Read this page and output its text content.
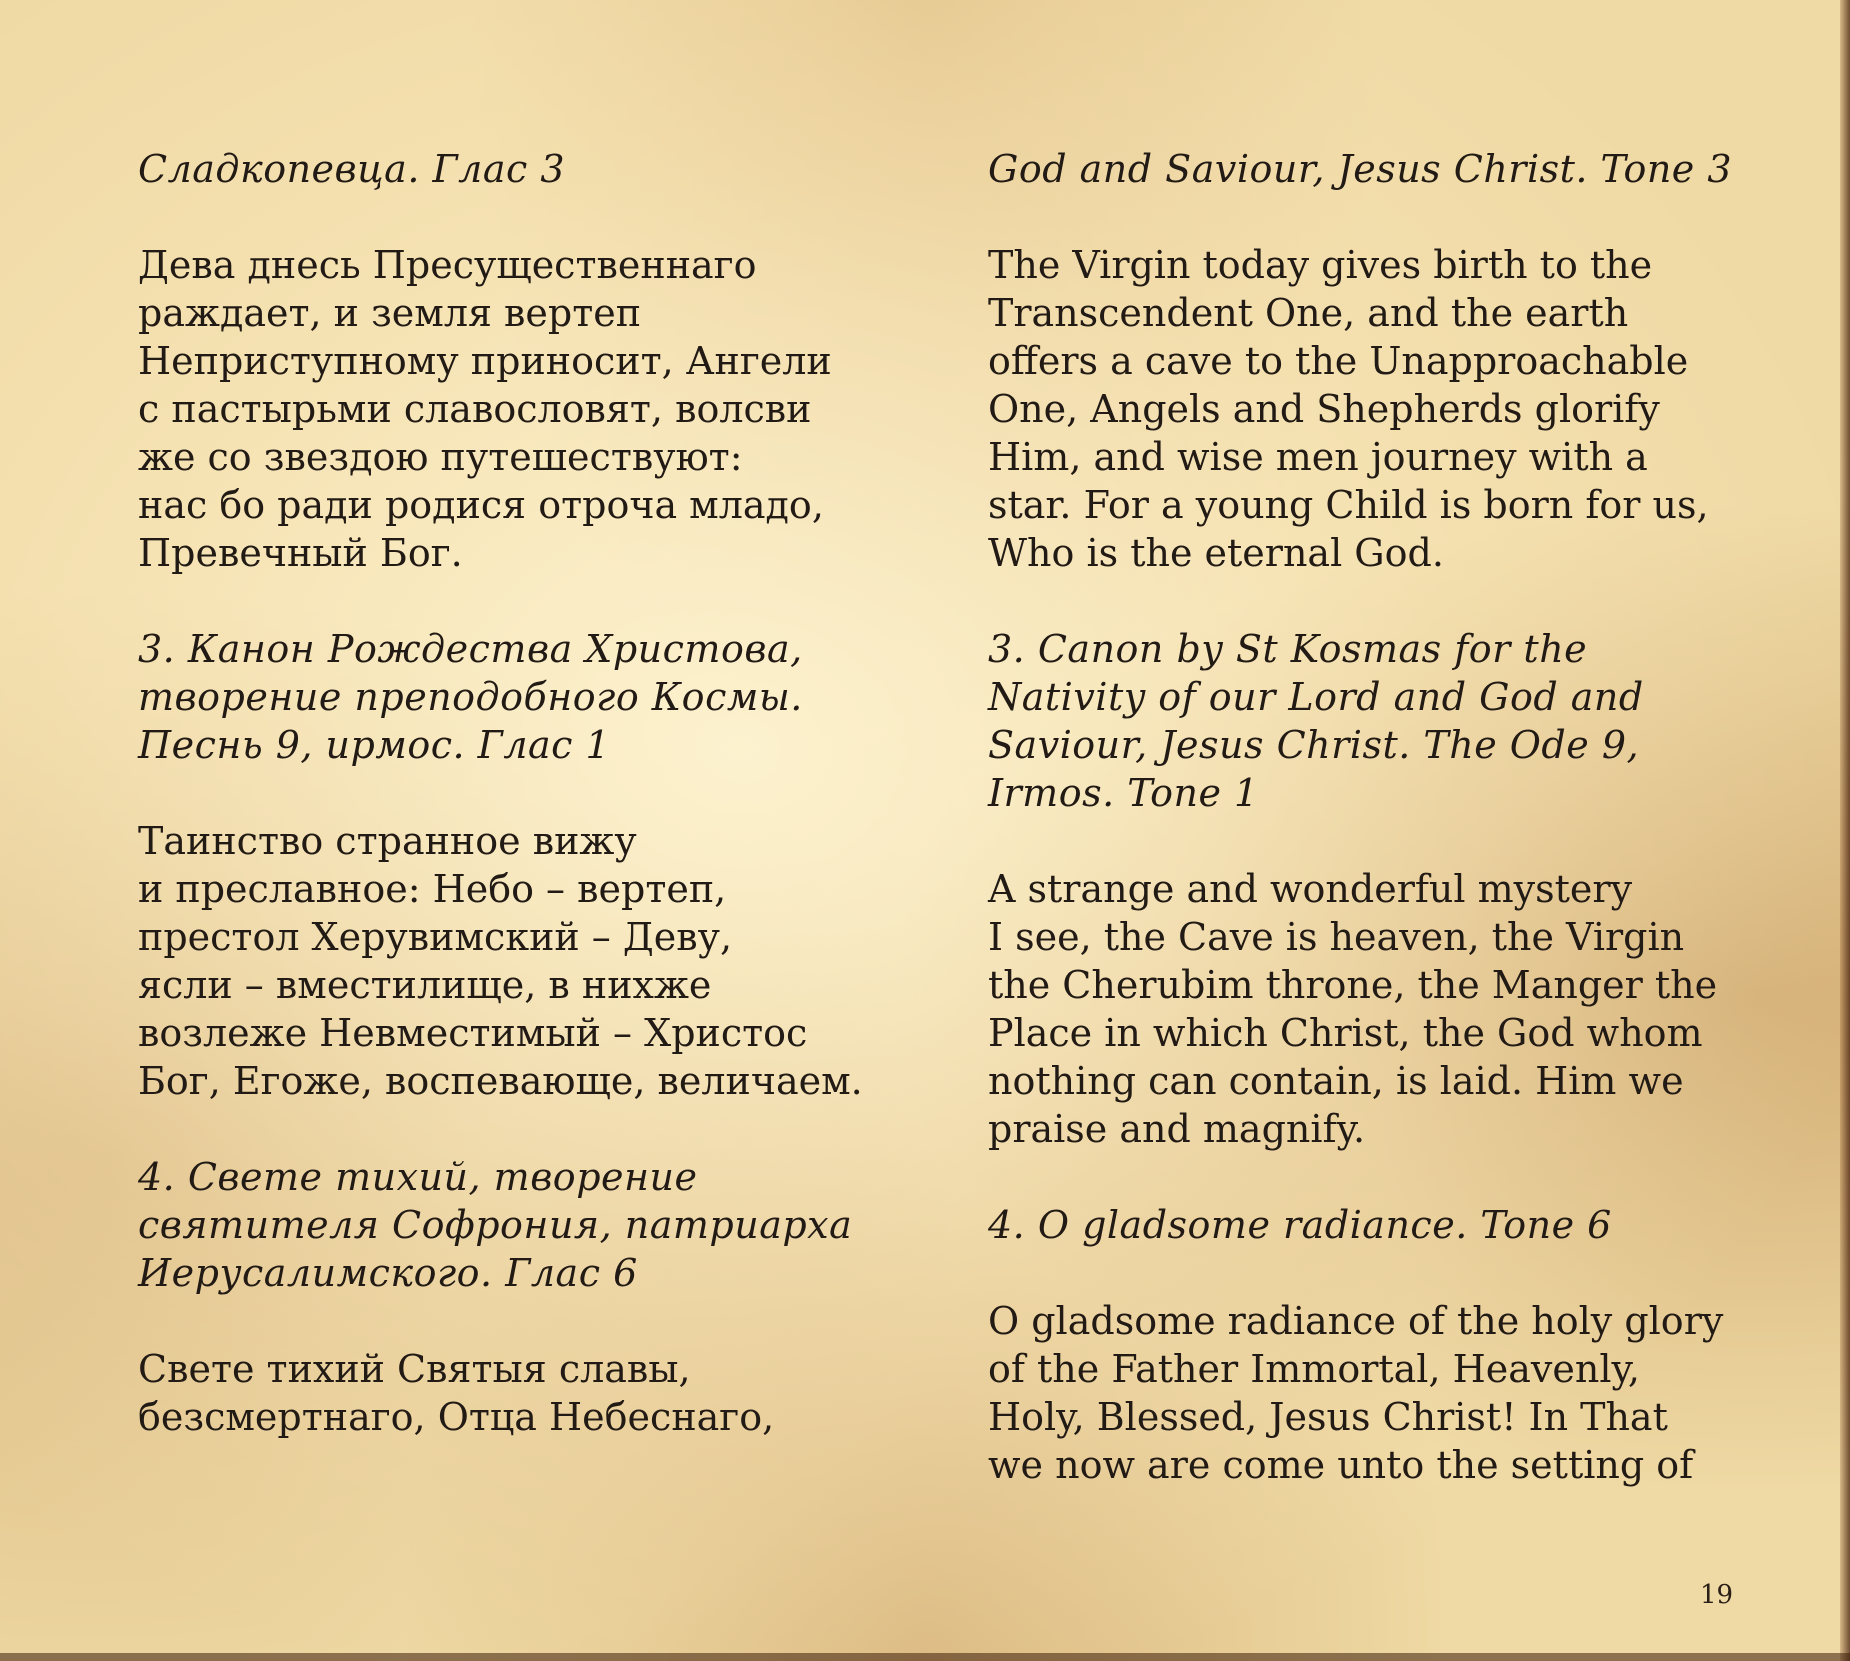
Сладкопевца. Глас 3

Дева днесь Пресущественнаго
раждает, и земля вертеп
Неприступному приносит, Ангели
с пастырьми славословят, волсви
же со звездою путешествуют:
нас бо ради родися отроча младо,
Превечный Бог.

3. Канон Рождества Христова,
творение преподобного Космы.
Песнь 9, ирмос. Глас 1

Таинство странное вижу
и преславное: Небо – вертеп,
престол Херувимский – Деву,
ясли – вместилище, в нихже
возлеже Невместимый – Христос
Бог, Егоже, воспевающе, величаем.

4. Свете тихий, творение
святителя Софрония, патриарха
Иерусалимского. Глас 6

Свете тихий Святыя славы,
безсмертнаго, Отца Небеснаго,

God and Saviour, Jesus Christ. Tone 3

The Virgin today gives birth to the
Transcendent One, and the earth
offers a cave to the Unapproachable
One, Angels and Shepherds glorify
Him, and wise men journey with a
star. For a young Child is born for us,
Who is the eternal God.

3. Canon by St Kosmas for the
Nativity of our Lord and God and
Saviour, Jesus Christ. The Ode 9,
Irmos. Tone 1

A strange and wonderful mystery
I see, the Cave is heaven, the Virgin
the Cherubim throne, the Manger the
Place in which Christ, the God whom
nothing can contain, is laid. Him we
praise and magnify.

4. O gladsome radiance. Tone 6

O gladsome radiance of the holy glory
of the Father Immortal, Heavenly,
Holy, Blessed, Jesus Christ! In That
we now are come unto the setting of

19
